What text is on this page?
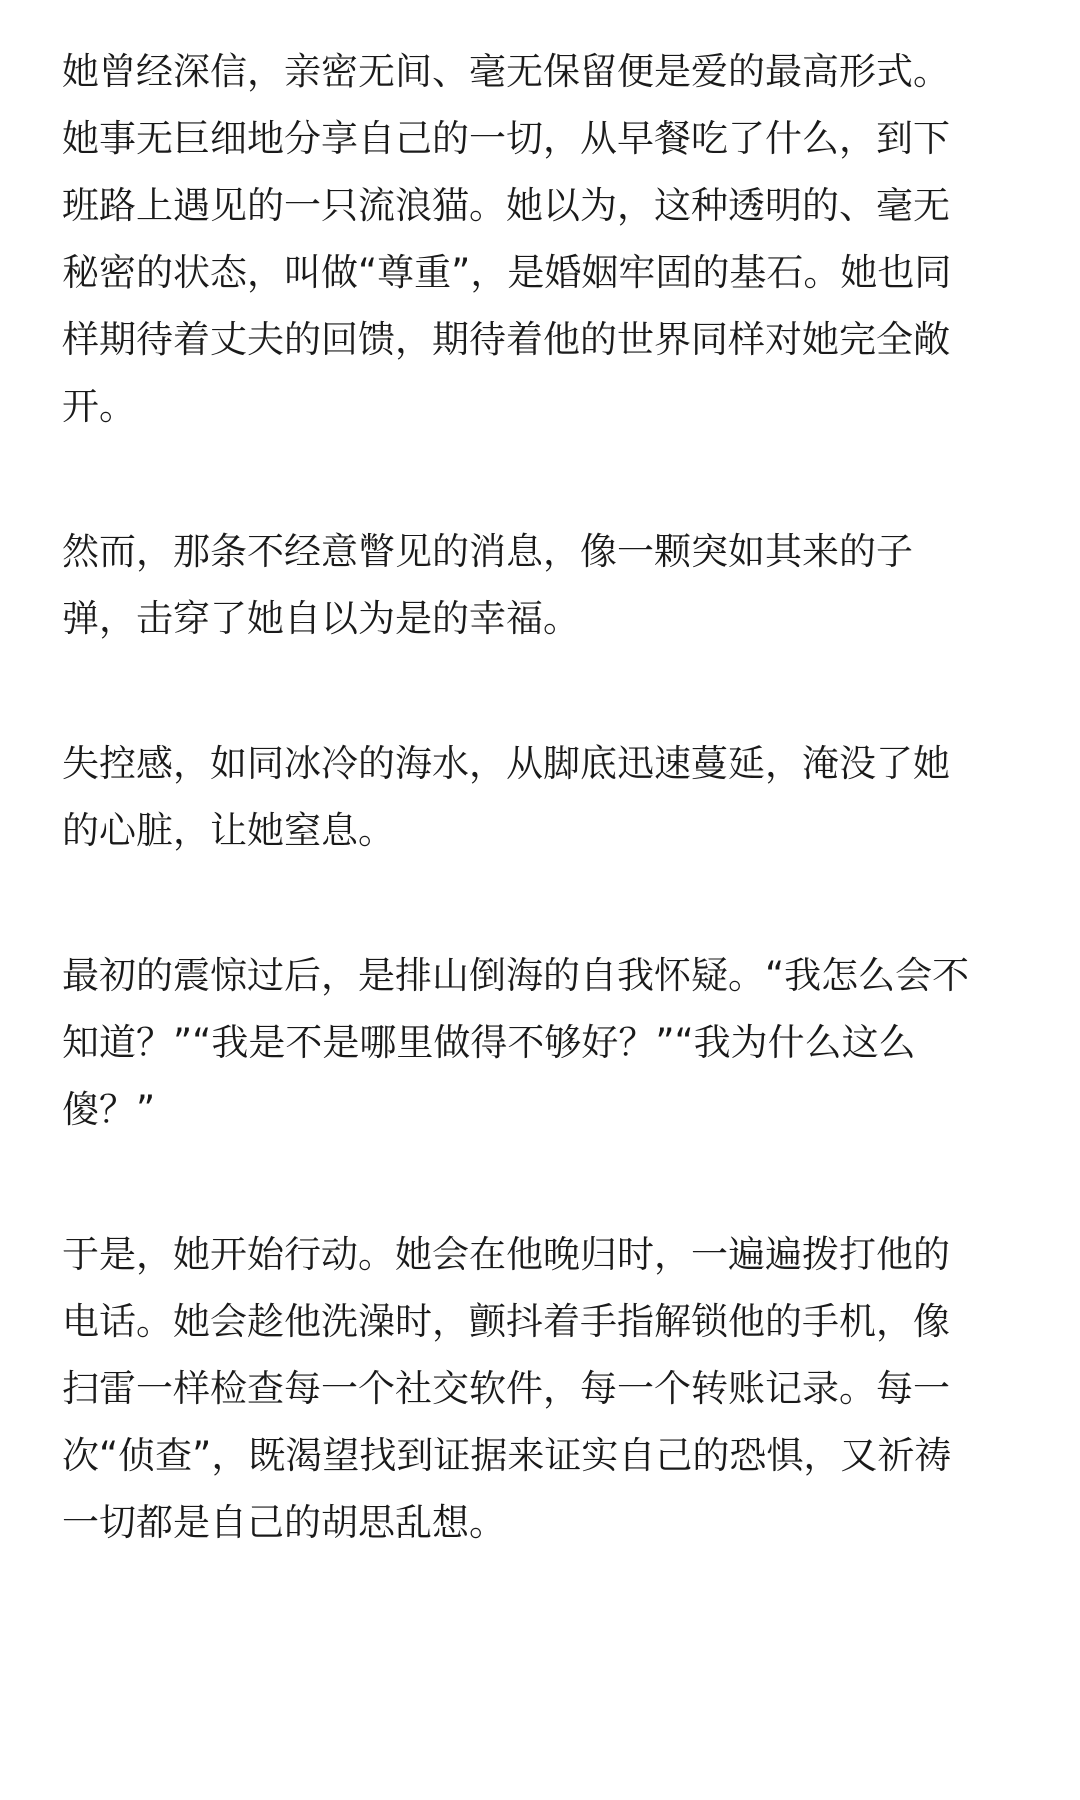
她曾经深信，亲密无间、毫无保留便是爱的最高形式。
她事无巨细地分享自己的一切，从早餐吃了什么，到下
班路上遇见的一只流浪猫。她以为，这种透明的、毫无
秘密的状态，叫做“尊重”，是婚姻牢固的基石。她也同
样期待着丈夫的回馈，期待着他的世界同样对她完全敞
开。

然而，那条不经意瞥见的消息，像一颗突如其来的子
弹，击穿了她自以为是的幸福。

失控感，如同冰冷的海水，从脚底迅速蔓延，淹没了她
的心脏，让她窒息。

最初的震惊过后，是排山倒海的自我怀疑。“我怎么会不
知道？”“我是不是哪里做得不够好？”“我为什么这么
傻？”

于是，她开始行动。她会在他晚归时，一遍遍拨打他的
电话。她会趁他洗澡时，颤抖着手指解锁他的手机，像
扫雷一样检查每一个社交软件，每一个转账记录。每一
次“侦查”，既渴望找到证据来证实自己的恐惧，又祈祷
一切都是自己的胡思乱想。
